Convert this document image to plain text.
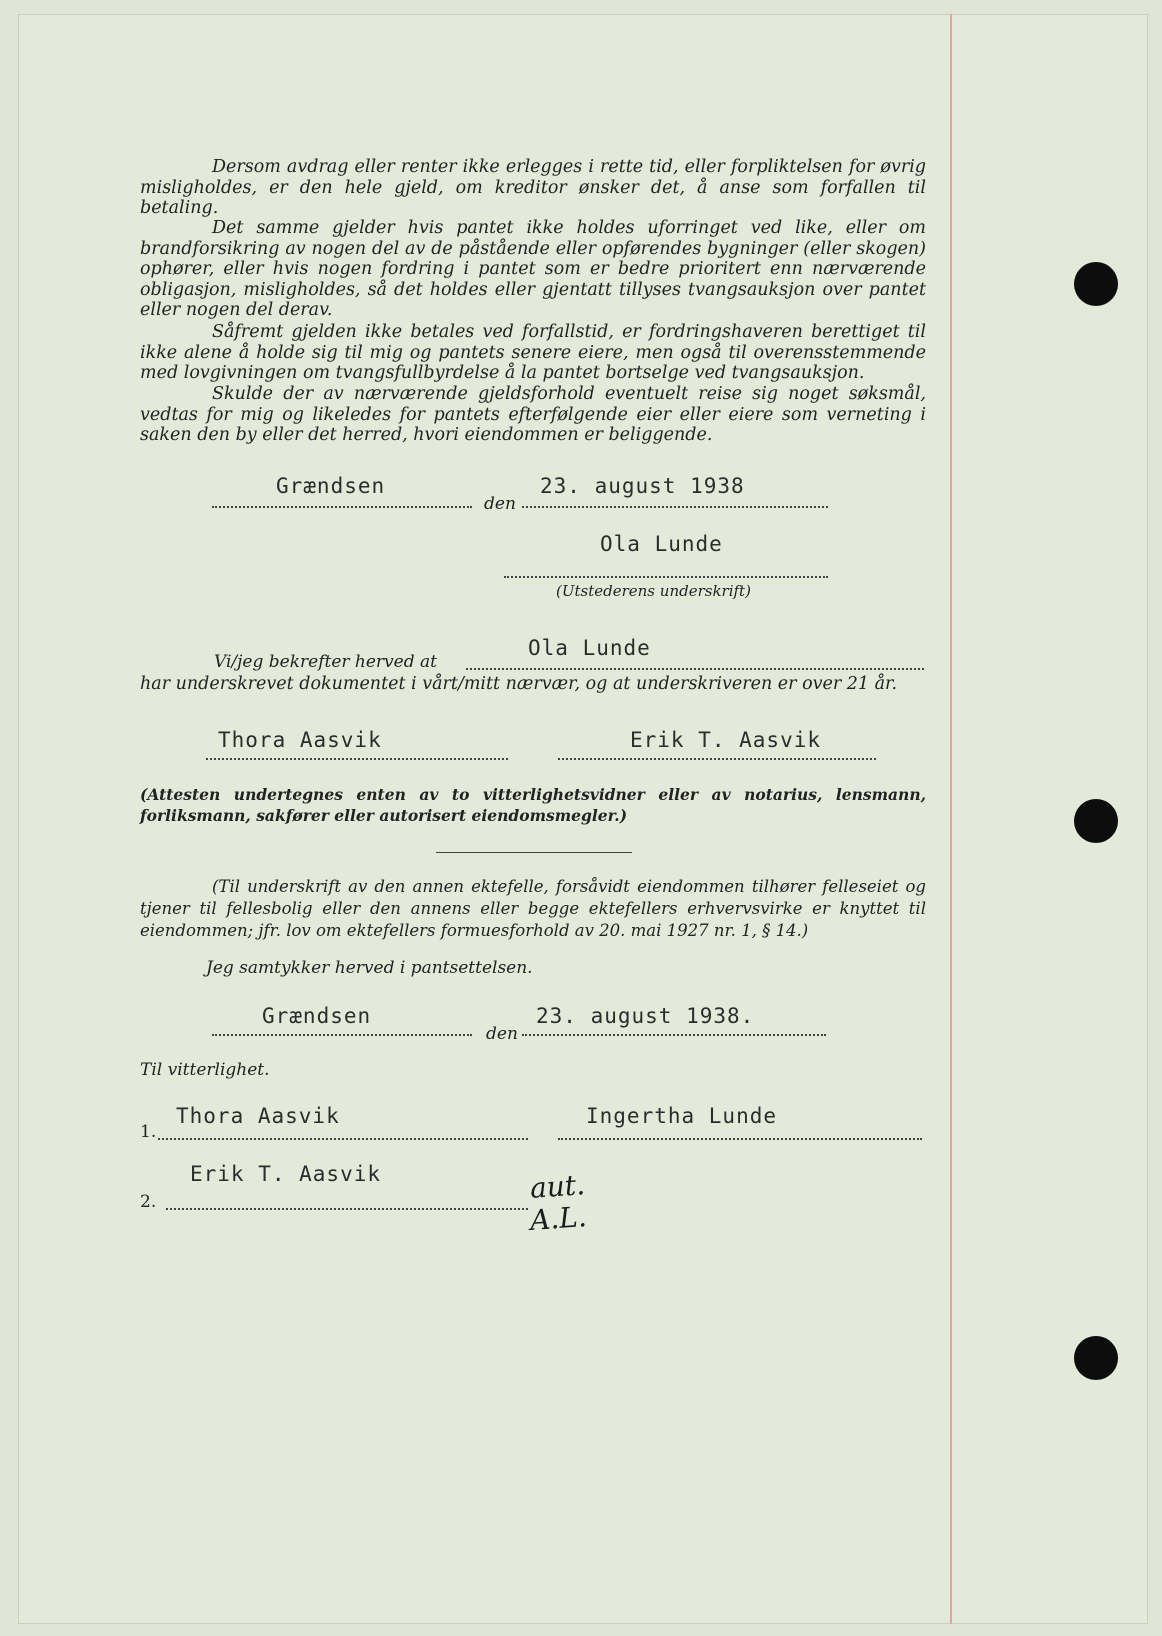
Dersom avdrag eller renter ikke erlegges i rette tid, eller forpliktelsen for øvrig misligholdes, er den hele gjeld, om kreditor ønsker det, å anse som forfallen til betaling.

Det samme gjelder hvis pantet ikke holdes uforringet ved like, eller om brandforsikring av nogen del av de påstående eller opførendes bygninger (eller skogen) ophører, eller hvis nogen fordring i pantet som er bedre prioritert enn nærværende obligasjon, misligholdes, så det holdes eller gjentatt tillyses tvangsauksjon over pantet eller nogen del derav.

Såfremt gjelden ikke betales ved forfallstid, er fordringshaveren berettiget til ikke alene å holde sig til mig og pantets senere eiere, men også til overensstemmende med lovgivningen om tvangsfullbyrdelse å la pantet bortselge ved tvangsauksjon.

Skulde der av nærværende gjeldsforhold eventuelt reise sig noget søksmål, vedtas for mig og likeledes for pantets efterfølgende eier eller eiere som verneting i saken den by eller det herred, hvori eiendommen er beliggende.

Grændsen
den
23. august 1938
Ola Lunde
(Utstederens underskrift)
Vi/jeg bekrefter herved at
Ola Lunde
har underskrevet dokumentet i vårt/mitt nærvær, og at underskriveren er over 21 år.
Thora Aasvik	Erik T. Aasvik
(Attesten undertegnes enten av to vitterlighetsvidner eller av notarius, lensmann, forliksmann, sakfører eller autorisert eiendomsmegler.)

(Til underskrift av den annen ektefelle, forsåvidt eiendommen tilhører felleseiet og tjener til fellesbolig eller den annens eller begge ektefellers erhvervsvirke er knyttet til eiendommen; jfr. lov om ektefellers formuesforhold av 20. mai 1927 nr. 1, § 14.)

Jeg samtykker herved i pantsettelsen.
Grændsen
den
23. august 1938.
Til vitterlighet.
1.
Thora Aasvik	Ingertha Lunde
2.
Erik T. Aasvik	aut.
A.L.
